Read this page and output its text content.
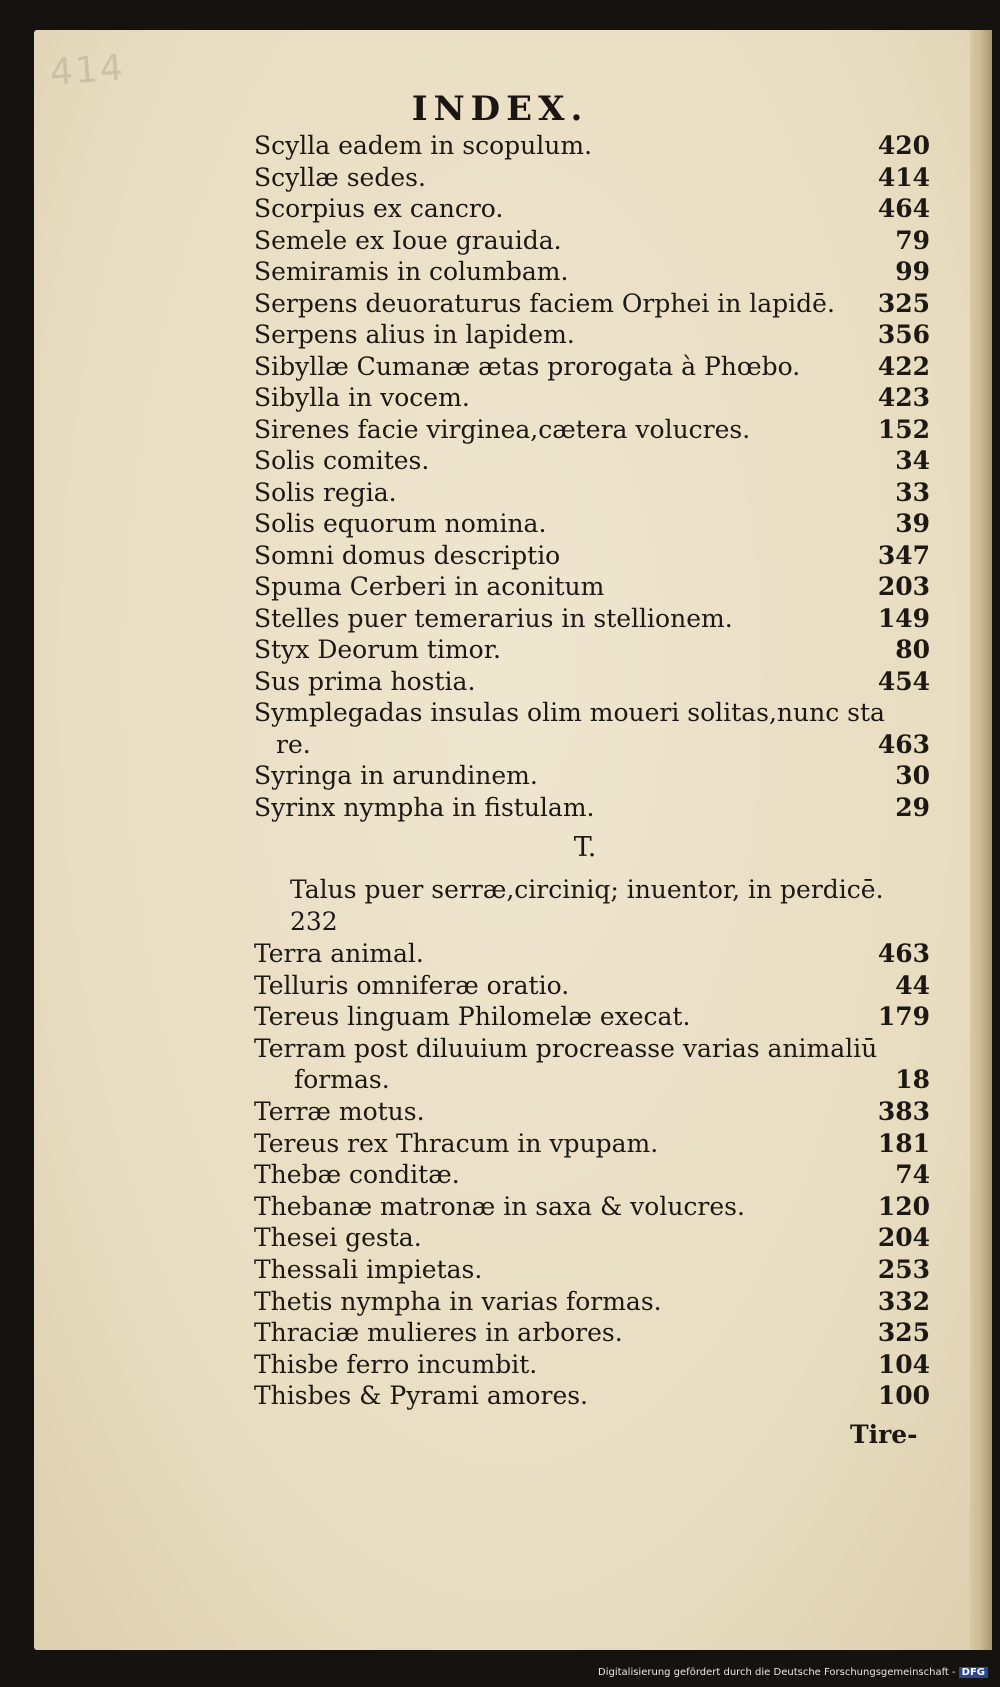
414
INDEX.
Scylla eadem in scopulum.	420
Scyllæ sedes.	414
Scorpius ex cancro.	464
Semele ex Ioue grauida.	79
Semiramis in columbam.	99
Serpens deuoraturus faciem Orphei in lapidē. 325
Serpens alius in lapidem.	356
Sibyllæ Cumanæ ætas prorogata à Phœbo.	422
Sibylla in vocem.	423
Sirenes facie virginea,cætera volucres.	152
Solis comites.	34
Solis regia.	33
Solis equorum nomina.	39
Somni domus descriptio	347
Spuma Cerberi in aconitum	203
Stelles puer temerarius in stellionem.	149
Styx Deorum timor.	80
Sus prima hostia.	454
Symplegadas insulas olim moueri solitas,nunc sta
re.	463
Syringa in arundinem.	30
Syrinx nympha in fistulam.	29
T.
Talus puer serræ,circiniq; inuentor, in perdicē.
232
Terra animal.	463
Telluris omniferæ oratio.	44
Tereus linguam Philomelæ execat.	179
Terram post diluuium procreasse varias animaliū
formas.	18
Terræ motus.	383
Tereus rex Thracum in vpupam.	181
Thebæ conditæ.	74
Thebanæ matronæ in saxa & volucres.	120
Thesei gesta.	204
Thessali impietas.	253
Thetis nympha in varias formas.	332
Thraciæ mulieres in arbores.	325
Thisbe ferro incumbit.	104
Thisbes & Pyrami amores.	100
Tire-
Digitalisierung gefördert durch die Deutsche Forschungsgemeinschaft - DFG
